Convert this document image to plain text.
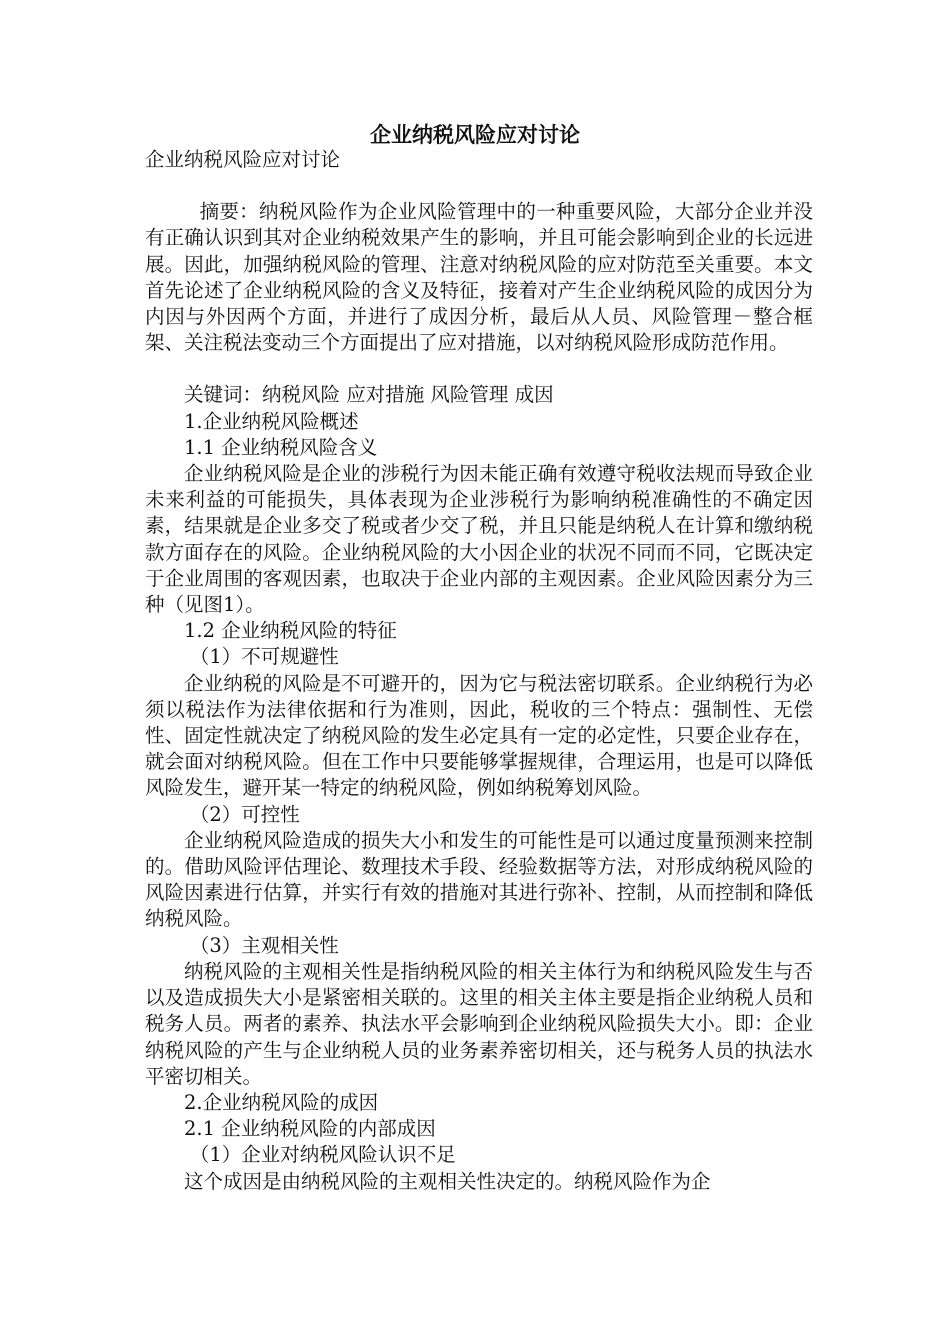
企业纳税风险应对讨论

企业纳税风险应对讨论

摘要：纳税风险作为企业风险管理中的一种重要风险，大部分企业并没有正确认识到其对企业纳税效果产生的影响，并且可能会影响到企业的长远进展。因此，加强纳税风险的管理、注意对纳税风险的应对防范至关重要。本文首先论述了企业纳税风险的含义及特征，接着对产生企业纳税风险的成因分为内因与外因两个方面，并进行了成因分析，最后从人员、风险管理－整合框架、关注税法变动三个方面提出了应对措施，以对纳税风险形成防范作用。

关键词：纳税风险 应对措施 风险管理 成因

1.企业纳税风险概述

1.1 企业纳税风险含义

企业纳税风险是企业的涉税行为因未能正确有效遵守税收法规而导致企业未来利益的可能损失，具体表现为企业涉税行为影响纳税准确性的不确定因素，结果就是企业多交了税或者少交了税，并且只能是纳税人在计算和缴纳税款方面存在的风险。企业纳税风险的大小因企业的状况不同而不同，它既决定于企业周围的客观因素，也取决于企业内部的主观因素。企业风险因素分为三种（见图1）。

1.2 企业纳税风险的特征

（1）不可规避性

企业纳税的风险是不可避开的，因为它与税法密切联系。企业纳税行为必须以税法作为法律依据和行为准则，因此，税收的三个特点：强制性、无偿性、固定性就决定了纳税风险的发生必定具有一定的必定性，只要企业存在，就会面对纳税风险。但在工作中只要能够掌握规律，合理运用，也是可以降低风险发生，避开某一特定的纳税风险，例如纳税筹划风险。

（2）可控性

企业纳税风险造成的损失大小和发生的可能性是可以通过度量预测来控制的。借助风险评估理论、数理技术手段、经验数据等方法，对形成纳税风险的风险因素进行估算，并实行有效的措施对其进行弥补、控制，从而控制和降低纳税风险。

（3）主观相关性

纳税风险的主观相关性是指纳税风险的相关主体行为和纳税风险发生与否以及造成损失大小是紧密相关联的。这里的相关主体主要是指企业纳税人员和税务人员。两者的素养、执法水平会影响到企业纳税风险损失大小。即：企业纳税风险的产生与企业纳税人员的业务素养密切相关，还与税务人员的执法水平密切相关。

2.企业纳税风险的成因

2.1 企业纳税风险的内部成因

（1）企业对纳税风险认识不足

这个成因是由纳税风险的主观相关性决定的。纳税风险作为企
